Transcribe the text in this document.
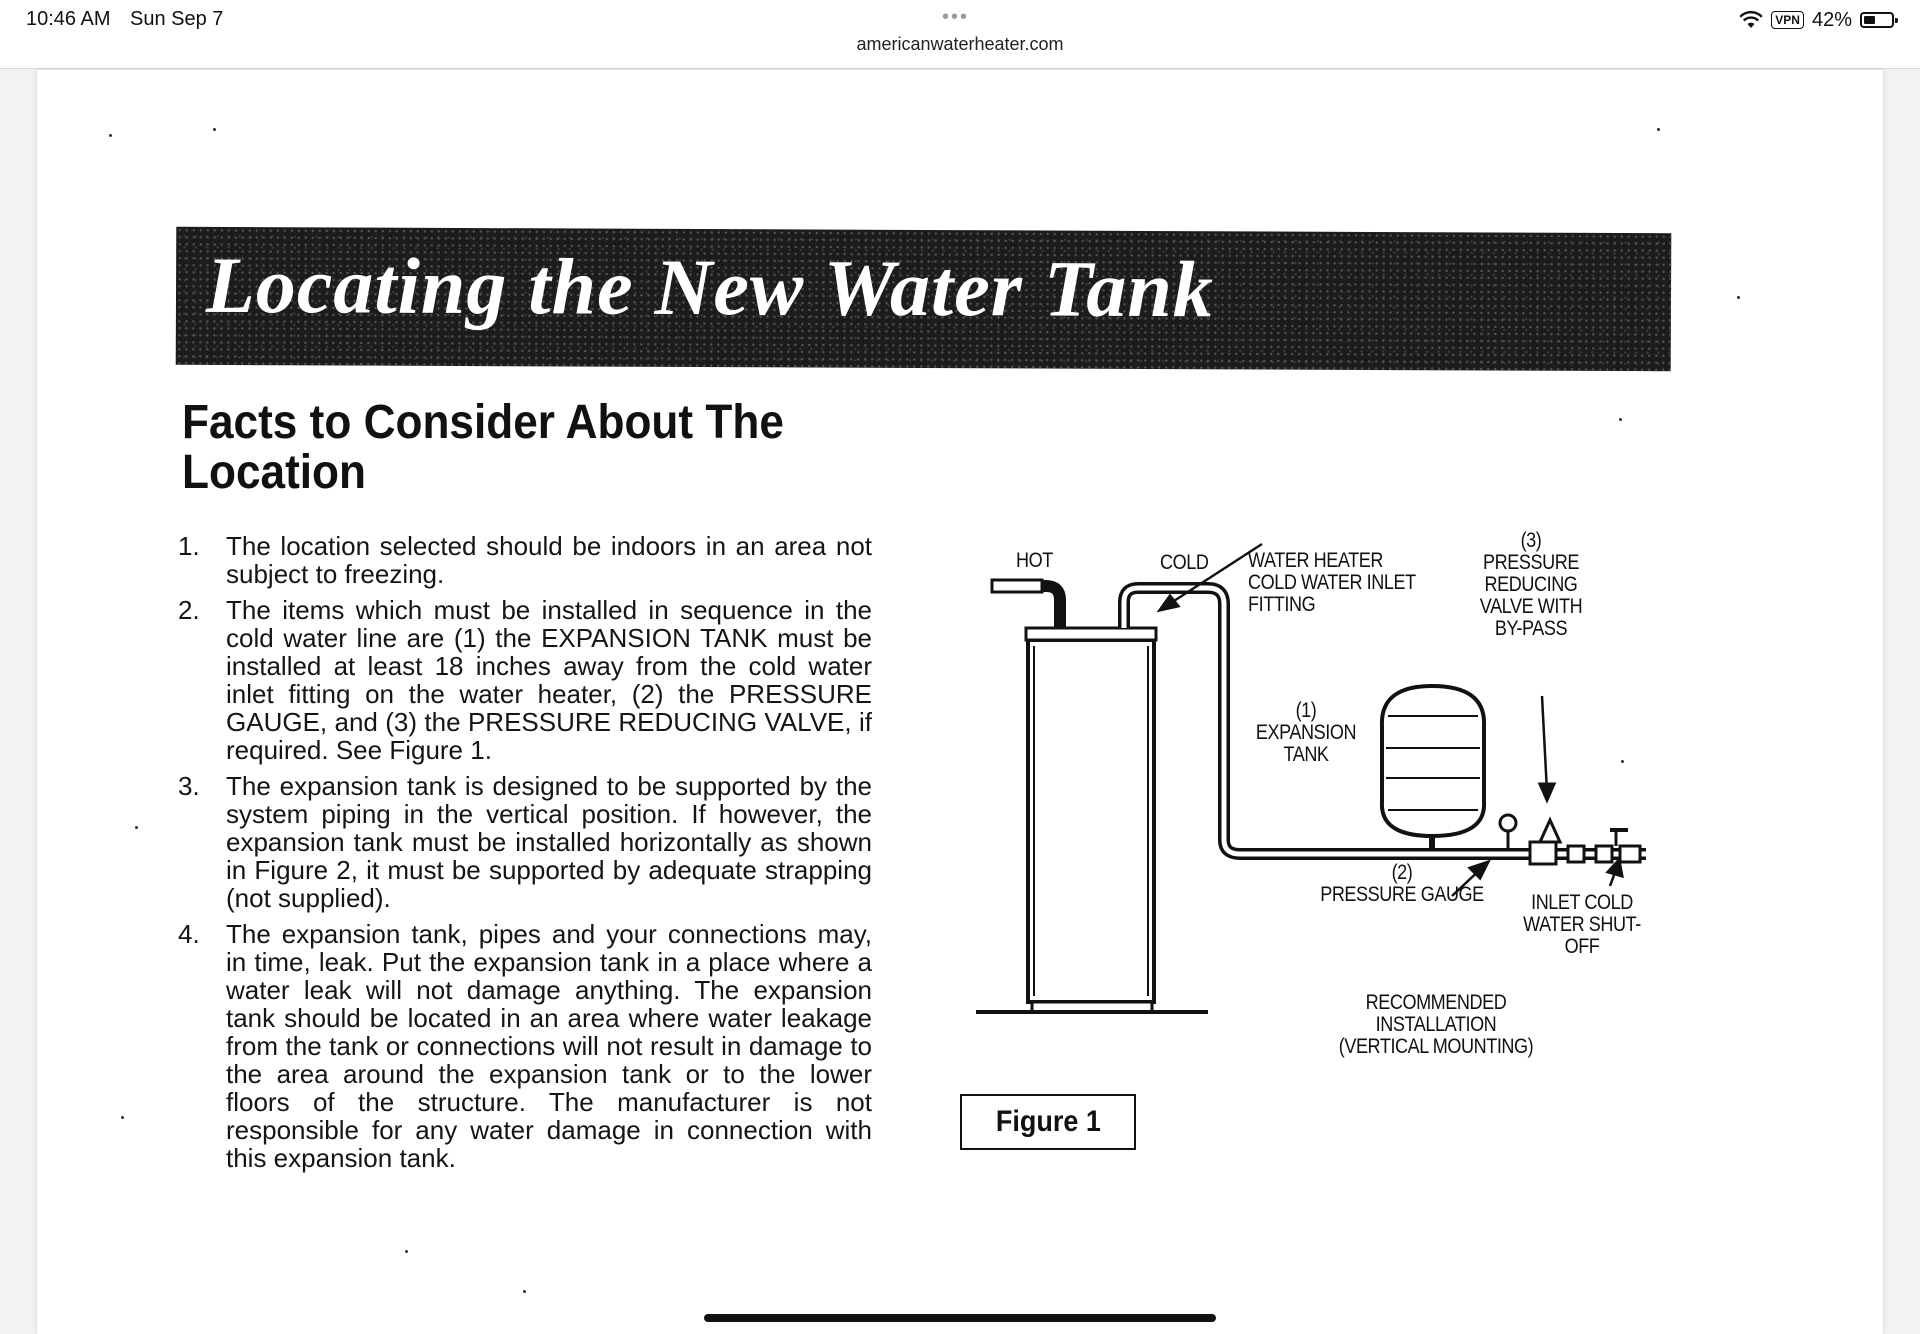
10:46 AM Sun Sep 7	•••
americanwaterheater.com
VPN 42%
Locating the New Water Tank
Facts to Consider About The Location
1. The location selected should be indoors in an area not subject to freezing.
2. The items which must be installed in sequence in the cold water line are (1) the EXPANSION TANK must be installed at least 18 inches away from the cold water inlet fitting on the water heater, (2) the PRESSURE GAUGE, and (3) the PRESSURE REDUCING VALVE, if required. See Figure 1.
3. The expansion tank is designed to be supported by the system piping in the vertical position. If however, the expansion tank must be installed horizontally as shown in Figure 2, it must be supported by adequate strapping (not supplied).
4. The expansion tank, pipes and your connections may, in time, leak. Put the expansion tank in a place where a water leak will not damage anything. The expansion tank should be located in an area where water leakage from the tank or connections will not result in damage to the area around the expansion tank or to the lower floors of the structure. The manufacturer is not responsible for any water damage in connection with this expansion tank.
HOT	COLD WATER HEATER
COLD WATER INLET
FITTING
(3)
PRESSURE
REDUCING
VALVE WITH
BY-PASS
(1)
EXPANSION
TANK
(2)
PRESSURE GAUGE	INLET COLD
WATER SHUT-
OFF
RECOMMENDED INSTALLATION
(VERTICAL MOUNTING)
Figure 1
